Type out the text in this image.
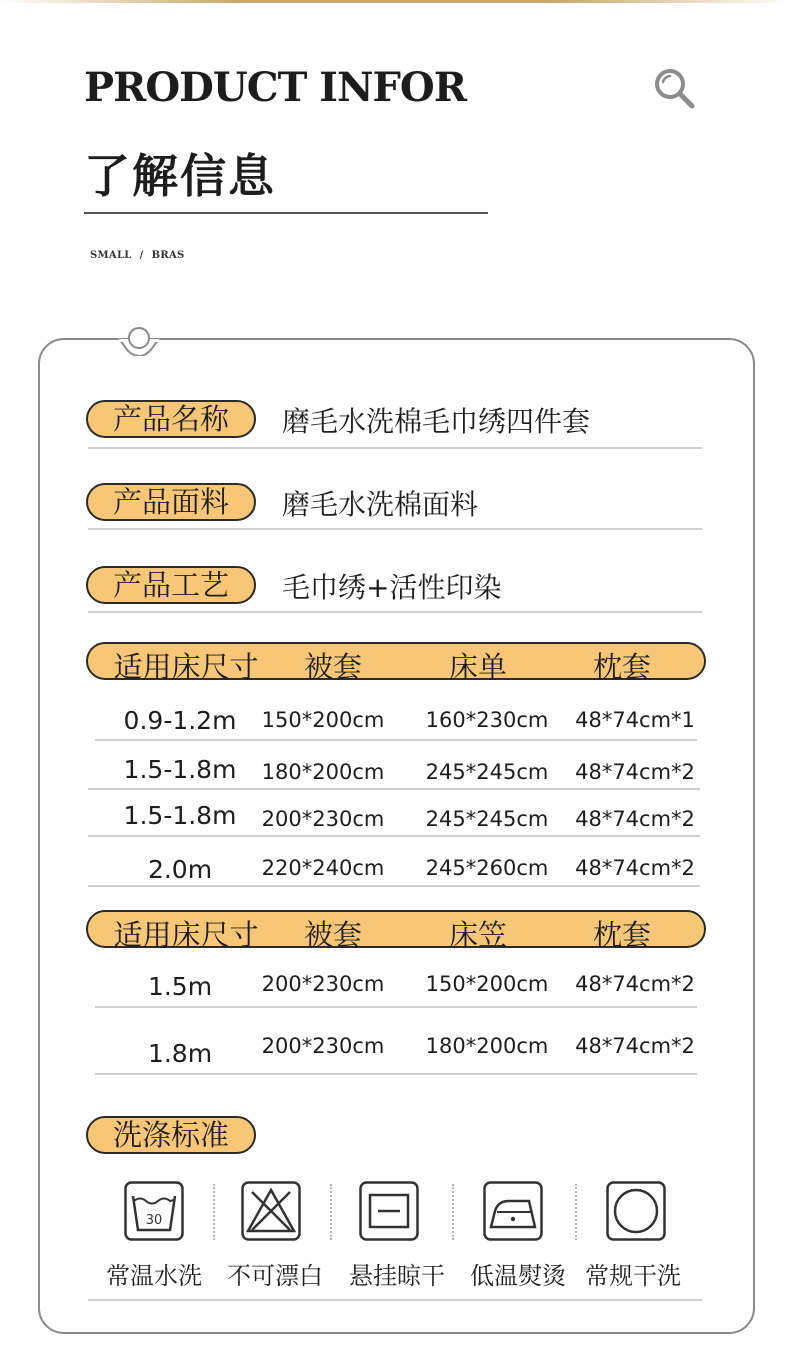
PRODUCT INFOR
了解信息
SMALL / BRAS
产品名称	磨毛水洗棉毛巾绣四件套
产品面料	磨毛水洗棉面料
产品工艺	毛巾绣+活性印染
适用床尺寸 被套	床单	枕套
0.9-1.2m 150*200cm 160*230cm 48*74cm*1
1.5-1.8m 180*200cm 245*245cm 48*74cm*2
1.5-1.8m 200*230cm 245*245cm 48*74cm*2
2.0m 220*240cm 245*260cm 48*74cm*2
适用床尺寸 被套	床笠	枕套
1.5m 200*230cm 150*200cm 48*74cm*2
1.8m 200*230cm 180*200cm 48*74cm*2
洗涤标准
30
常温水洗 不可漂白 悬挂晾干 低温熨烫 常规干洗
